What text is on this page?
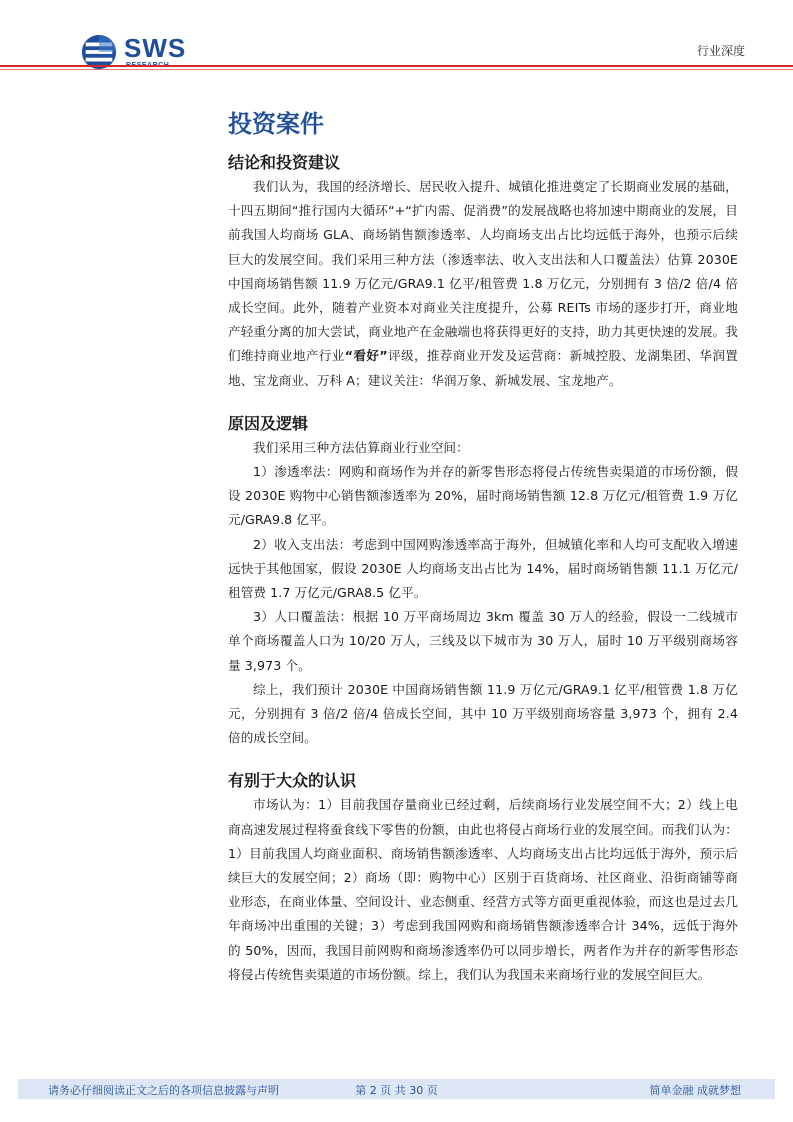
SWS	行业深度
投资案件
结论和投资建议

我们认为，我国的经济增长、居民收入提升、城镇化推进奠定了长期商业发展的基础，十四五期间“推行国内大循环“+“扩内需、促消费”的发展战略也将加速中期商业的发展，目前我国人均商场 GLA、商场销售额渗透率、人均商场支出占比均远低于海外，也预示后续巨大的发展空间。我们采用三种方法（渗透率法、收入支出法和人口覆盖法）估算 2030E 中国商场销售额 11.9 万亿元/GRA9.1 亿平/租管费 1.8 万亿元，分别拥有 3 倍/2 倍/4 倍成长空间。此外，随着产业资本对商业关注度提升，公募 REITs 市场的逐步打开，商业地产轻重分离的加大尝试，商业地产在金融端也将获得更好的支持，助力其更快速的发展。我们维持商业地产行业“看好”评级，推荐商业开发及运营商：新城控股、龙湖集团、华润置地、宝龙商业、万科 A；建议关注：华润万象、新城发展、宝龙地产。

原因及逻辑

我们采用三种方法估算商业行业空间：

1）渗透率法：网购和商场作为并存的新零售形态将侵占传统售卖渠道的市场份额，假设 2030E 购物中心销售额渗透率为 20%，届时商场销售额 12.8 万亿元/租管费 1.9 万亿元/GRA9.8 亿平。

2）收入支出法：考虑到中国网购渗透率高于海外，但城镇化率和人均可支配收入增速远快于其他国家，假设 2030E 人均商场支出占比为 14%，届时商场销售额 11.1 万亿元/租管费 1.7 万亿元/GRA8.5 亿平。

3）人口覆盖法：根据 10 万平商场周边 3km 覆盖 30 万人的经验，假设一二线城市单个商场覆盖人口为 10/20 万人，三线及以下城市为 30 万人，届时 10 万平级别商场容量 3,973 个。

综上，我们预计 2030E 中国商场销售额 11.9 万亿元/GRA9.1 亿平/租管费 1.8 万亿元，分别拥有 3 倍/2 倍/4 倍成长空间，其中 10 万平级别商场容量 3,973 个，拥有 2.4 倍的成长空间。

有别于大众的认识

市场认为：1）目前我国存量商业已经过剩，后续商场行业发展空间不大；2）线上电商高速发展过程将蚕食线下零售的份额，由此也将侵占商场行业的发展空间。而我们认为：1）目前我国人均商业面积、商场销售额渗透率、人均商场支出占比均远低于海外，预示后续巨大的发展空间；2）商场（即：购物中心）区别于百货商场、社区商业、沿街商铺等商业形态，在商业体量、空间设计、业态侧重、经营方式等方面更重视体验，而这也是过去几年商场冲出重围的关键；3）考虑到我国网购和商场销售额渗透率合计 34%，远低于海外的 50%，因而，我国目前网购和商场渗透率仍可以同步增长，两者作为并存的新零售形态将侵占传统售卖渠道的市场份额。综上，我们认为我国未来商场行业的发展空间巨大。

请务必仔细阅读正文之后的各项信息披露与声明	第 2 页 共 30 页	简单金融 成就梦想
